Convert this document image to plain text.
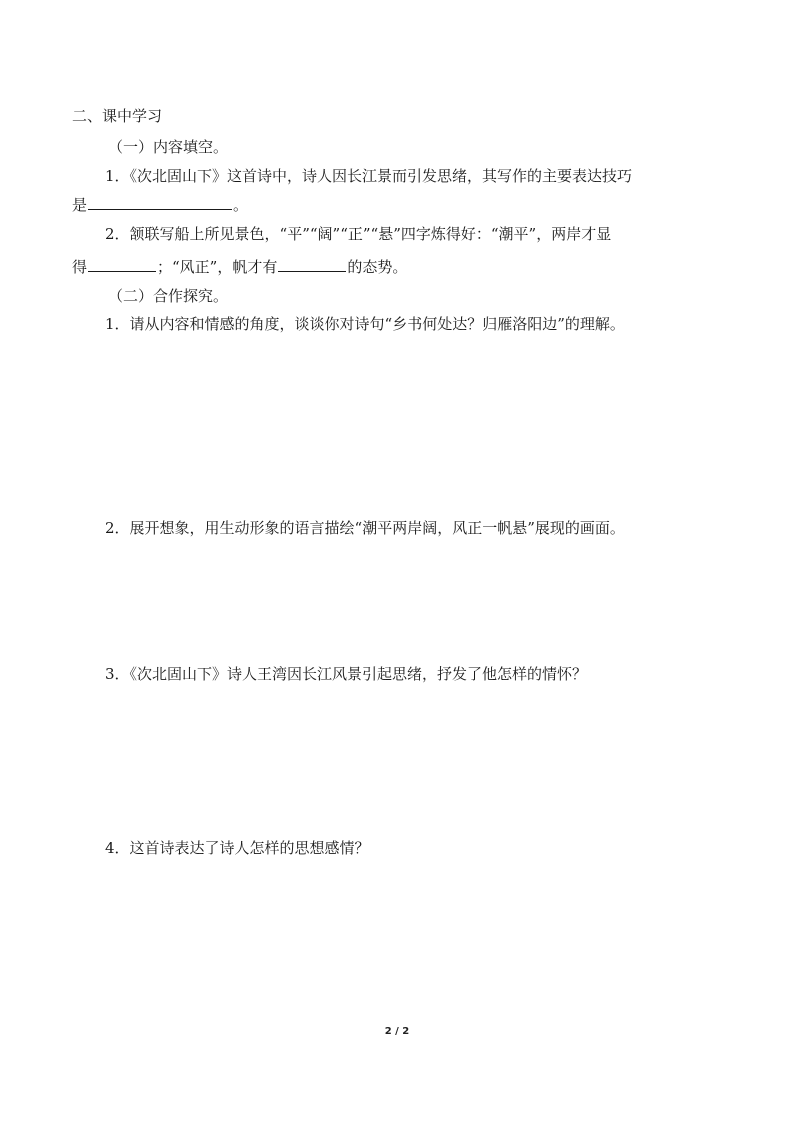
二、课中学习
（一）内容填空。
1．《次北固山下》这首诗中，诗人因长江景而引发思绪，其写作的主要表达技巧
是	。
2．颔联写船上所见景色，“平”“阔”“正”“悬”四字炼得好：“潮平”，两岸才显
得	；“风正”，帆才有	的态势。
（二）合作探究。
1．请从内容和情感的角度，谈谈你对诗句“乡书何处达？归雁洛阳边”的理解。
2．展开想象，用生动形象的语言描绘“潮平两岸阔，风正一帆悬”展现的画面。
3．《次北固山下》诗人王湾因长江风景引起思绪，抒发了他怎样的情怀？
4．这首诗表达了诗人怎样的思想感情？
2 / 2
